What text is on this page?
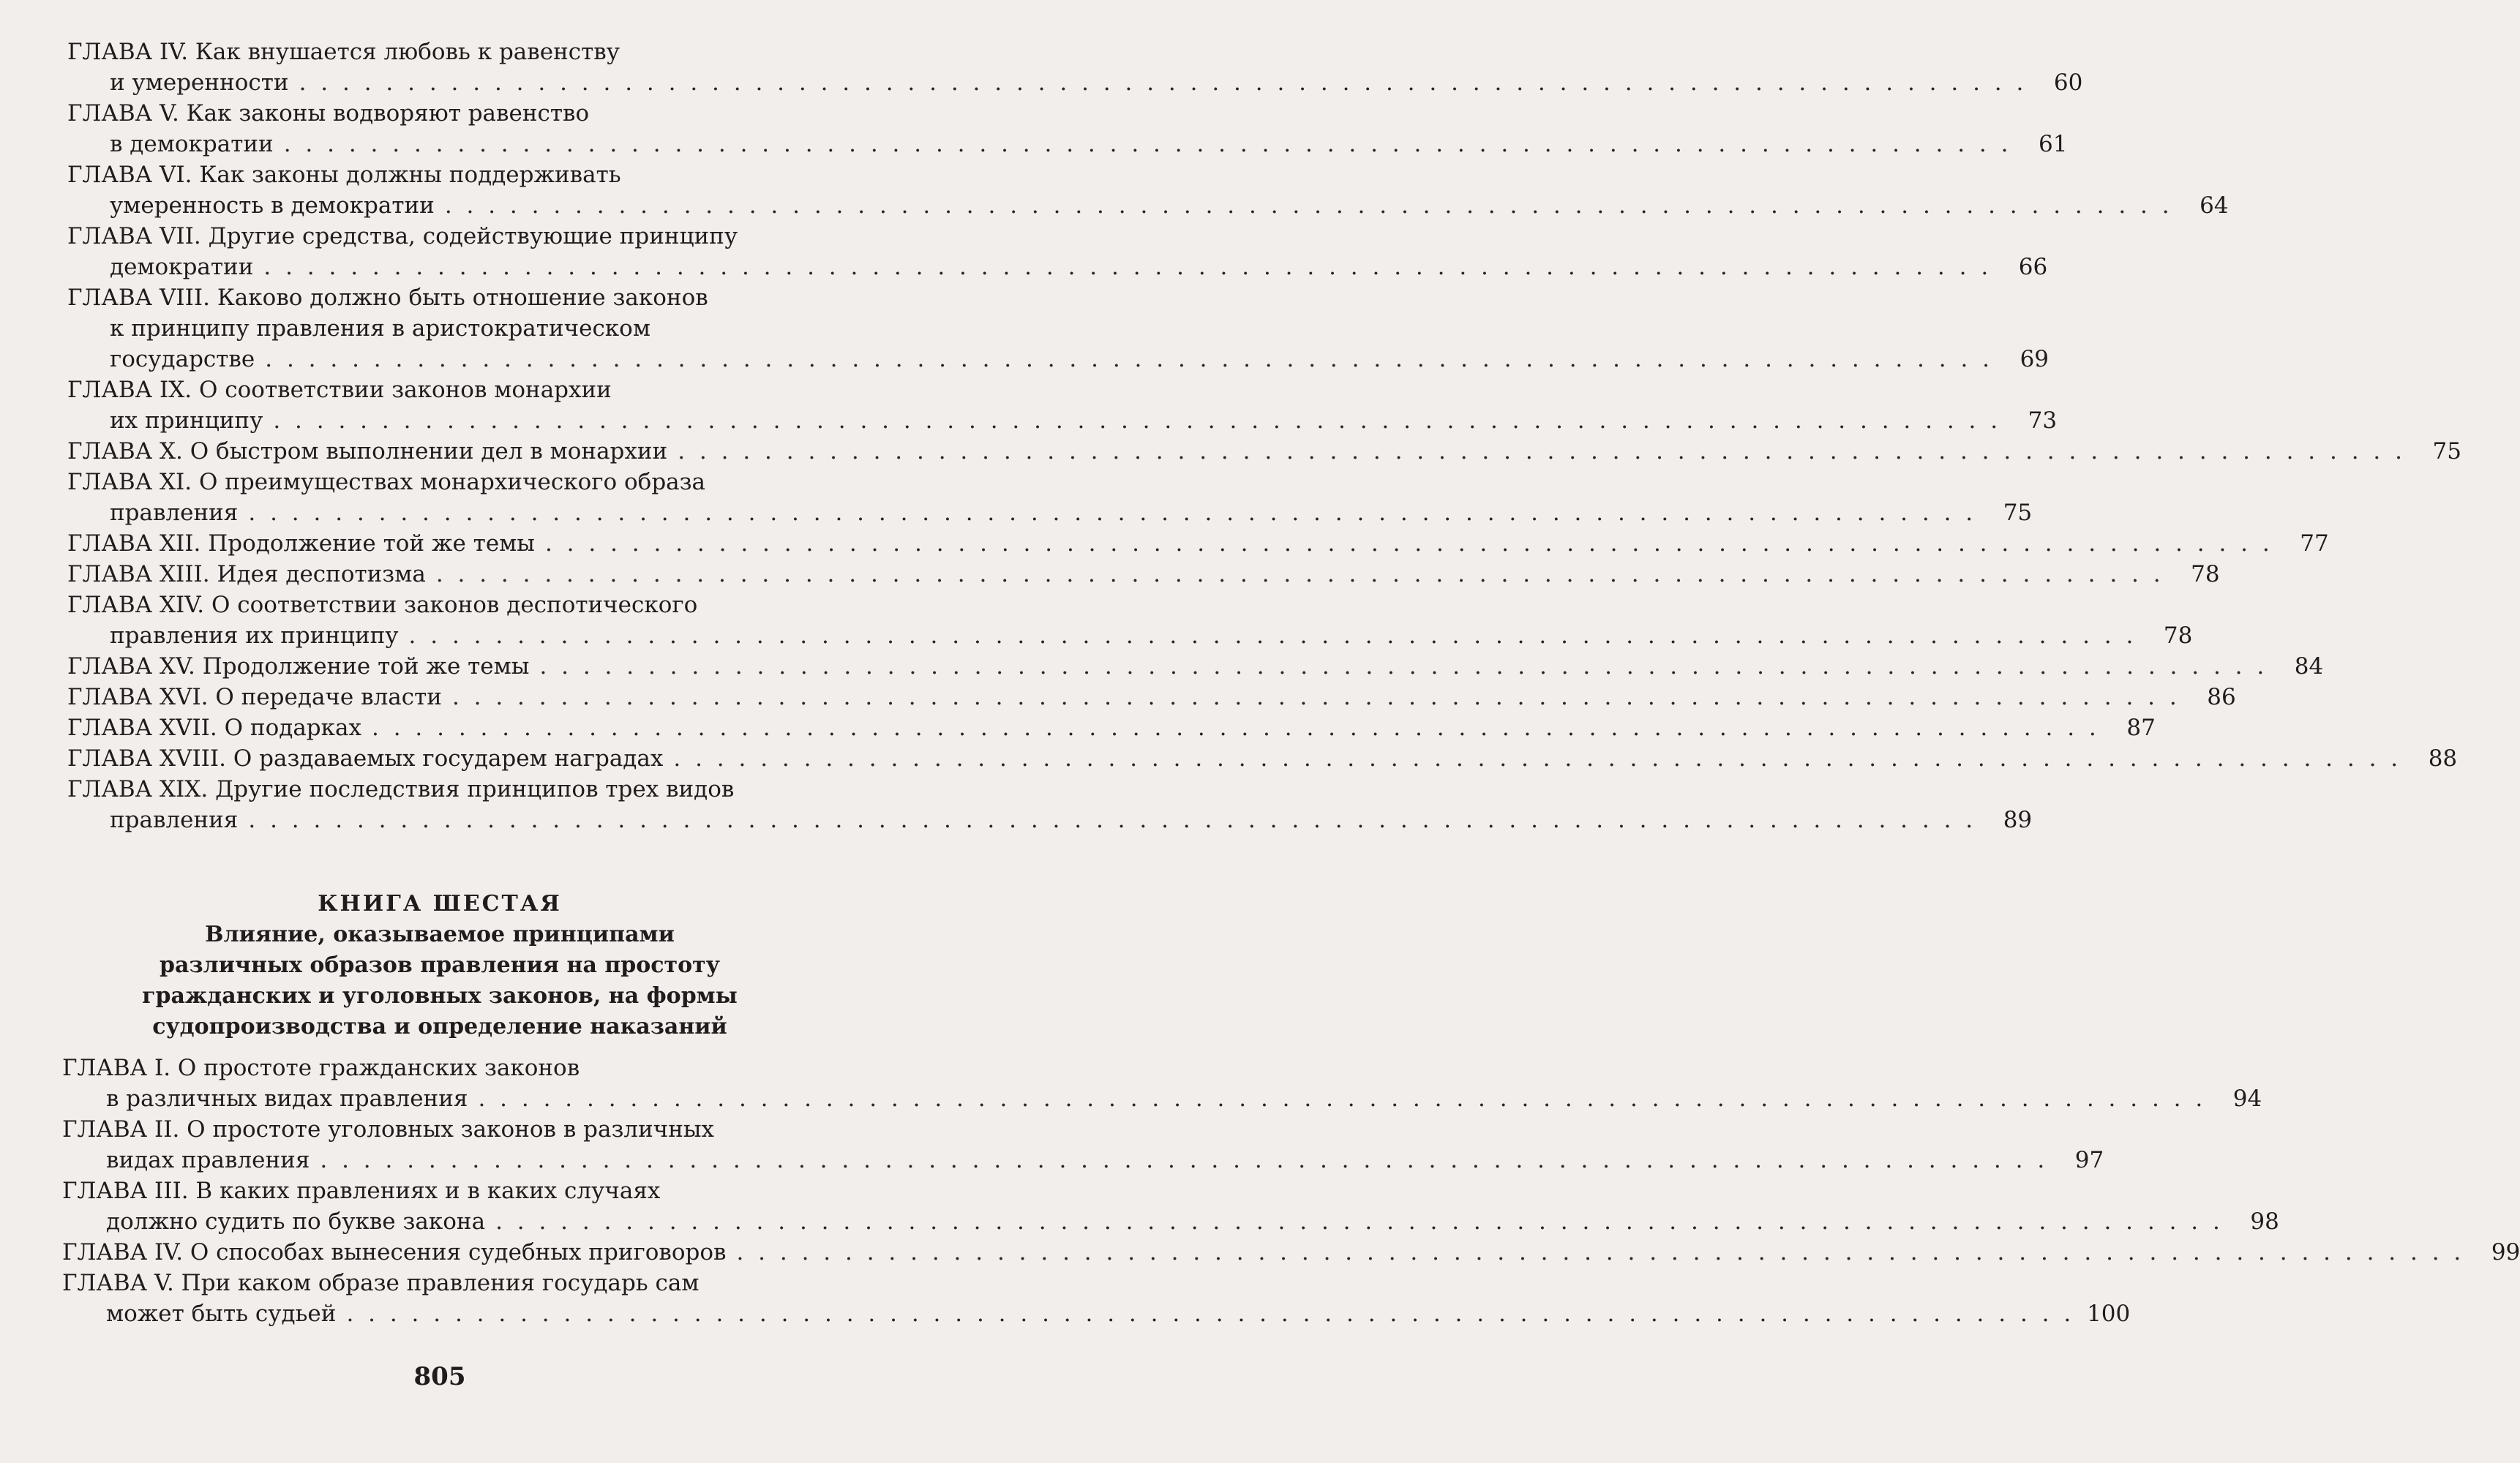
ГЛАВА IV. Как внушается любовь к равенству
и умеренности . . . . . . . . . . . . . . . . . . . . . . . . . . . . . . . . . . . . . . . . . . . . . . . . . . . . . . . . . . . . . . . . . . . . . . . . . . . . . . . .	60
ГЛАВА V. Как законы водворяют равенство
в демократии . . . . . . . . . . . . . . . . . . . . . . . . . . . . . . . . . . . . . . . . . . . . . . . . . . . . . . . . . . . . . . . . . . . . . . . . . . . . . . . .	61
ГЛАВА VI. Как законы должны поддерживать
умеренность в демократии . . . . . . . . . . . . . . . . . . . . . . . . . . . . . . . . . . . . . . . . . . . . . . . . . . . . . . . . . . . . . . . . . . . . . . . . . . . . . . . .	64
ГЛАВА VII. Другие средства, содействующие принципу
демократии . . . . . . . . . . . . . . . . . . . . . . . . . . . . . . . . . . . . . . . . . . . . . . . . . . . . . . . . . . . . . . . . . . . . . . . . . . . . . . . .	66
ГЛАВА VIII. Каково должно быть отношение законов
к принципу правления в аристократическом
государстве . . . . . . . . . . . . . . . . . . . . . . . . . . . . . . . . . . . . . . . . . . . . . . . . . . . . . . . . . . . . . . . . . . . . . . . . . . . . . . . .	69
ГЛАВА IX. О соответствии законов монархии
их принципу . . . . . . . . . . . . . . . . . . . . . . . . . . . . . . . . . . . . . . . . . . . . . . . . . . . . . . . . . . . . . . . . . . . . . . . . . . . . . . . .	73
ГЛАВА X. О быстром выполнении дел в монархии . . . . . . . . . . . . . . . . . . . . . . . . . . . . . . . . . . . . . . . . . . . . . . . . . . . . . . . . . . . . . . . . . . . . . . . . . . . . . . . .	75
ГЛАВА XI. О преимуществах монархического образа
правления . . . . . . . . . . . . . . . . . . . . . . . . . . . . . . . . . . . . . . . . . . . . . . . . . . . . . . . . . . . . . . . . . . . . . . . . . . . . . . . .	75
ГЛАВА XII. Продолжение той же темы . . . . . . . . . . . . . . . . . . . . . . . . . . . . . . . . . . . . . . . . . . . . . . . . . . . . . . . . . . . . . . . . . . . . . . . . . . . . . . . .	77
ГЛАВА XIII. Идея деспотизма . . . . . . . . . . . . . . . . . . . . . . . . . . . . . . . . . . . . . . . . . . . . . . . . . . . . . . . . . . . . . . . . . . . . . . . . . . . . . . . .	78
ГЛАВА XIV. О соответствии законов деспотического
правления их принципу . . . . . . . . . . . . . . . . . . . . . . . . . . . . . . . . . . . . . . . . . . . . . . . . . . . . . . . . . . . . . . . . . . . . . . . . . . . . . . . .	78
ГЛАВА XV. Продолжение той же темы . . . . . . . . . . . . . . . . . . . . . . . . . . . . . . . . . . . . . . . . . . . . . . . . . . . . . . . . . . . . . . . . . . . . . . . . . . . . . . . .	84
ГЛАВА XVI. О передаче власти . . . . . . . . . . . . . . . . . . . . . . . . . . . . . . . . . . . . . . . . . . . . . . . . . . . . . . . . . . . . . . . . . . . . . . . . . . . . . . . .	86
ГЛАВА XVII. О подарках . . . . . . . . . . . . . . . . . . . . . . . . . . . . . . . . . . . . . . . . . . . . . . . . . . . . . . . . . . . . . . . . . . . . . . . . . . . . . . . .	87
ГЛАВА XVIII. О раздаваемых государем наградах . . . . . . . . . . . . . . . . . . . . . . . . . . . . . . . . . . . . . . . . . . . . . . . . . . . . . . . . . . . . . . . . . . . . . . . . . . . . . . . .	88
ГЛАВА XIX. Другие последствия принципов трех видов
правления . . . . . . . . . . . . . . . . . . . . . . . . . . . . . . . . . . . . . . . . . . . . . . . . . . . . . . . . . . . . . . . . . . . . . . . . . . . . . . . .	89
КНИГА ШЕСТАЯ
Влияние, оказываемое принципами
различных образов правления на простоту
гражданских и уголовных законов, на формы
судопроизводства и определение наказаний
ГЛАВА I. О простоте гражданских законов
в различных видах правления . . . . . . . . . . . . . . . . . . . . . . . . . . . . . . . . . . . . . . . . . . . . . . . . . . . . . . . . . . . . . . . . . . . . . . . . . . . . . . . .	94
ГЛАВА II. О простоте уголовных законов в различных
видах правления . . . . . . . . . . . . . . . . . . . . . . . . . . . . . . . . . . . . . . . . . . . . . . . . . . . . . . . . . . . . . . . . . . . . . . . . . . . . . . . .	97
ГЛАВА III. В каких правлениях и в каких случаях
должно судить по букве закона . . . . . . . . . . . . . . . . . . . . . . . . . . . . . . . . . . . . . . . . . . . . . . . . . . . . . . . . . . . . . . . . . . . . . . . . . . . . . . . .	98
ГЛАВА IV. О способах вынесения судебных приговоров . . . . . . . . . . . . . . . . . . . . . . . . . . . . . . . . . . . . . . . . . . . . . . . . . . . . . . . . . . . . . . . . . . . . . . . . . . . . . . . .	99
ГЛАВА V. При каком образе правления государь сам
может быть судьей . . . . . . . . . . . . . . . . . . . . . . . . . . . . . . . . . . . . . . . . . . . . . . . . . . . . . . . . . . . . . . . . . . . . . . . . . . . . . . . . 100
805
